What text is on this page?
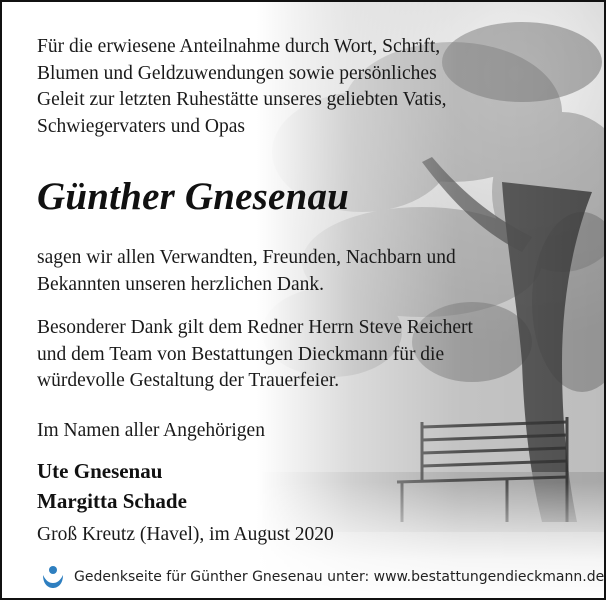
Für die erwiesene Anteilnahme durch Wort, Schrift,
Blumen und Geldzuwendungen sowie persönliches
Geleit zur letzten Ruhestätte unseres geliebten Vatis,
Schwiegervaters und Opas
Günther Gnesenau
sagen wir allen Verwandten, Freunden, Nachbarn und
Bekannten unseren herzlichen Dank.
Besonderer Dank gilt dem Redner Herrn Steve Reichert
und dem Team von Bestattungen Dieckmann für die
würdevolle Gestaltung der Trauerfeier.
Im Namen aller Angehörigen
Ute Gnesenau
Margitta Schade
Groß Kreutz (Havel), im August 2020
Gedenkseite für Günther Gnesenau unter: www.bestattungendieckmann.de
